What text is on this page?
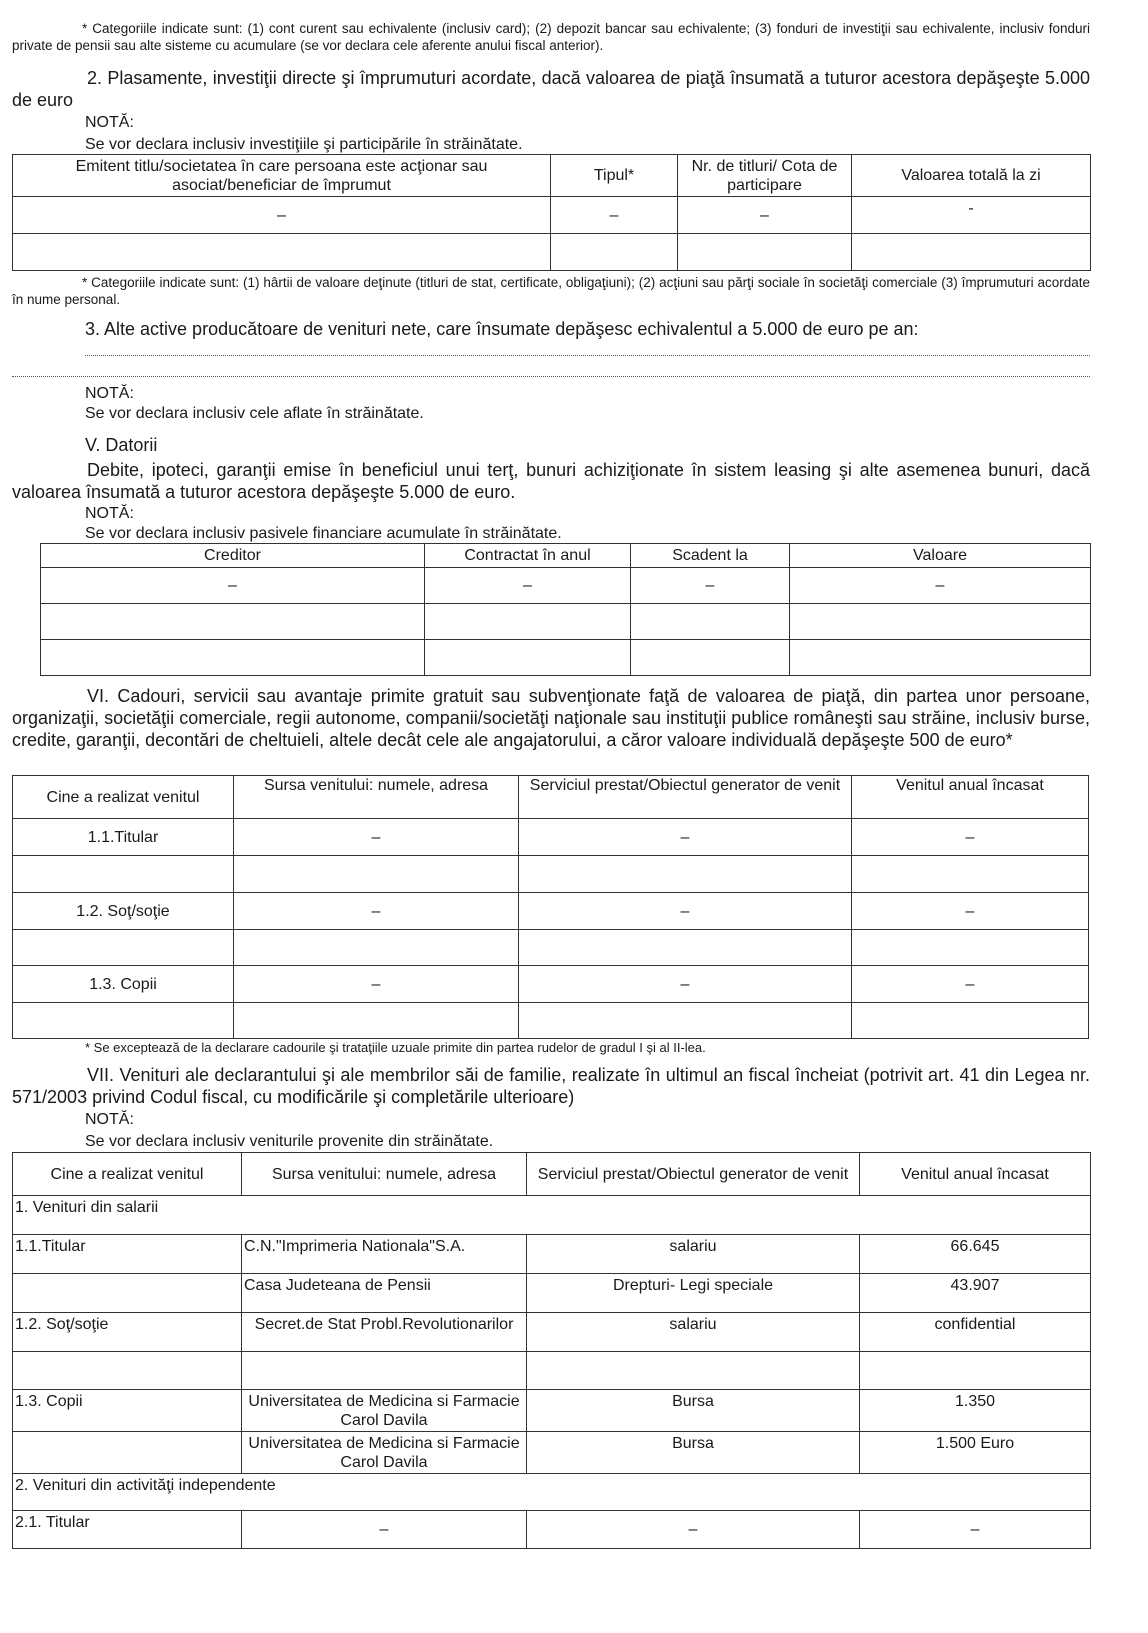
* Categoriile indicate sunt: (1) cont curent sau echivalente (inclusiv card); (2) depozit bancar sau echivalente; (3) fonduri de investiţii sau echivalente, inclusiv fonduri private de pensii sau alte sisteme cu acumulare (se vor declara cele aferente anului fiscal anterior).

2. Plasamente, investiţii directe şi împrumuturi acordate, dacă valoarea de piaţă însumată a tuturor acestora depăşeşte 5.000 de euro

NOTĂ:

Se vor declara inclusiv investiţiile şi participările în străinătate.

Emitent titlu/societatea în care persoana este acţionar sau asociat/beneficiar de împrumut	Tipul*	Nr. de titluri/ Cota de participare	Valoarea totală la zi
–	–	–	-

* Categoriile indicate sunt: (1) hârtii de valoare deţinute (titluri de stat, certificate, obligaţiuni); (2) acţiuni sau părţi sociale în societăţi comerciale (3) împrumuturi acordate în nume personal.

3. Alte active producătoare de venituri nete, care însumate depăşesc echivalentul a 5.000 de euro pe an:

NOTĂ:

Se vor declara inclusiv cele aflate în străinătate.

V. Datorii

Debite, ipoteci, garanţii emise în beneficiul unui terţ, bunuri achiziţionate în sistem leasing şi alte asemenea bunuri, dacă valoarea însumată a tuturor acestora depăşeşte 5.000 de euro.

NOTĂ:

Se vor declara inclusiv pasivele financiare acumulate în străinătate.

Creditor	Contractat în anul	Scadent la	Valoare
–	–	–	–

VI. Cadouri, servicii sau avantaje primite gratuit sau subvenţionate faţă de valoarea de piaţă, din partea unor persoane, organizaţii, societăţii comerciale, regii autonome, companii/societăţi naţionale sau instituţii publice româneşti sau străine, inclusiv burse, credite, garanţii, decontări de cheltuieli, altele decât cele ale angajatorului, a căror valoare individuală depăşeşte 500 de euro*

Cine a realizat venitul	Sursa venitului: numele, adresa	Serviciul prestat/Obiectul generator de venit	Venitul anual încasat
1.1.Titular	–	–	–

1.2. Soţ/soţie	–	–	–

1.3. Copii	–	–	–

* Se exceptează de la declarare cadourile şi trataţiile uzuale primite din partea rudelor de gradul I şi al II-lea.

VII. Venituri ale declarantului şi ale membrilor săi de familie, realizate în ultimul an fiscal încheiat (potrivit art. 41 din Legea nr. 571/2003 privind Codul fiscal, cu modificările şi completările ulterioare)

NOTĂ:

Se vor declara inclusiv veniturile provenite din străinătate.

Cine a realizat venitul	Sursa venitului: numele, adresa	Serviciul prestat/Obiectul generator de venit	Venitul anual încasat
1. Venituri din salarii			
1.1.Titular	C.N."Imprimeria Nationala"S.A.	salariu	66.645
	Casa Judeteana de Pensii	Drepturi- Legi speciale	43.907
1.2. Soţ/soţie	Secret.de Stat Probl.Revolutionarilor	salariu	confidential

1.3. Copii	Universitatea de Medicina si Farmacie Carol Davila	Bursa	1.350
	Universitatea de Medicina si Farmacie Carol Davila	Bursa	1.500 Euro
2. Venituri din activităţi independente			
2.1. Titular	–	–	–
